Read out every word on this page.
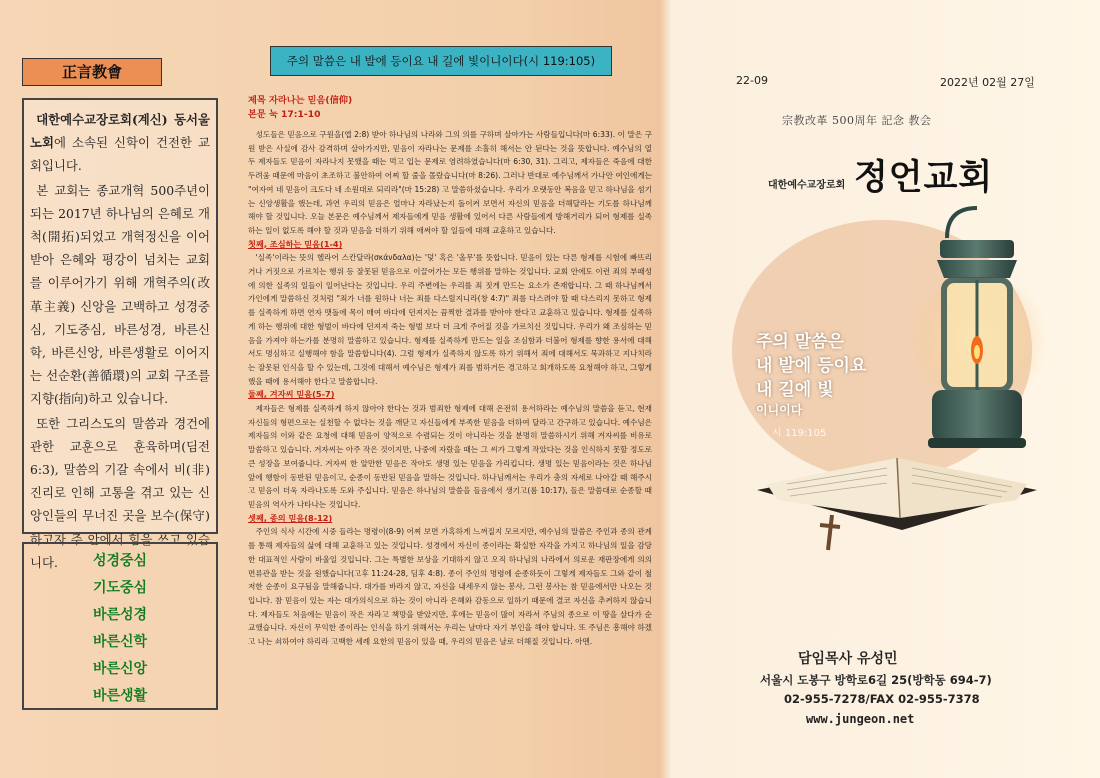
正言教會

대한예수교장로회(계신) 동서울 노회에 소속된 신학이 건전한 교회입니다.

본 교회는 종교개혁 500주년이 되는 2017년 하나님의 은혜로 개척(開拓)되었고 개혁정신을 이어받아 은혜와 평강이 넘치는 교회를 이루어가기 위해 개혁주의(改革主義) 신앙을 고백하고 성경중심, 기도중심, 바른성경, 바른신학, 바른신앙, 바른생활로 이어지는 선순환(善循環)의 교회 구조를 지향(指向)하고 있습니다.

또한 그리스도의 말씀과 경건에 관한 교훈으로 훈육하며(딤전 6:3), 말씀의 기갈 속에서 비(非) 진리로 인해 고통을 겪고 있는 신앙인들의 무너진 곳을 보수(保守)하고자 주 안에서 힘을 쓰고 있습니다.	성경중심
기도중심
바른성경
바른신학
바른신앙
바른생활
주의 말씀은 내 발에 등이요 내 길에 빛이니이다(시 119:105)
제목 자라나는 믿음(信仰)
본문 눅 17:1-10

성도들은 믿음으로 구원을(엡 2:8) 받아 하나님의 나라와 그의 의를 구하며 살아가는 사람들입니다(마 6:33). 이 말은 구원 받은 사실에 감사 감격하며 살아가지만, 믿음이 자라나는 문제를 소홀히 해서는 안 된다는 것을 뜻합니다. 예수님의 열 두 제자들도 믿음이 자라나지 못했을 때는 먹고 입는 문제로 염려하였습니다(마 6:30, 31). 그리고, 제자들은 죽음에 대한 두려움 때문에 마음이 초조하고 불안하여 어찌 할 줄을 몰랐습니다(마 8:26). 그러나 반대로 예수님께서 가나안 여인에게는 "여자여 네 믿음이 크도다 네 소원대로 되리라"(마 15:28) 고 말씀하셨습니다. 우리가 오랫동안 복음을 믿고 하나님을 섬기는 신앙생활을 했는데, 과연 우리의 믿음은 얼마나 자라났는지 돌이켜 보면서 자신의 믿음을 더해달라는 기도를 하나님께 해야 할 것입니다. 오늘 본문은 예수님께서 제자들에게 믿음 생활에 있어서 다른 사람들에게 방해거리가 되어 형제를 실족하는 일이 없도록 해야 할 것과 믿음을 더하기 위해 애써야 할 일들에 대해 교훈하고 있습니다.

첫째, 조심하는 믿음(1-4)

'실족'이라는 뜻의 헬라어 스칸달라(σκάνδαλα)는 '덫' 혹은 '올무'를 뜻합니다. 믿음이 있는 다른 형제를 시험에 빠뜨리거나 거짓으로 가르치는 행위 등 잘못된 믿음으로 이끌어가는 모든 행위를 말하는 것입니다. 교회 안에도 이런 죄의 부패성에 의한 실족의 일들이 일어난다는 것입니다. 우리 주변에는 우리를 죄 짓게 만드는 요소가 존재합니다. 그 때 하나님께서 가인에게 말씀하신 것처럼 "죄가 너를 원하나 너는 죄를 다스릴지니라(창 4:7)" 죄를 다스려야 할 때 다스리지 못하고 형제를 실족하게 하면 연자 맷돌에 목이 매여 바다에 던져지는 끔찍한 결과를 받아야 한다고 교훈하고 있습니다. 형제를 실족하게 하는 행위에 대한 형벌이 바다에 던져져 죽는 형벌 보다 더 크게 주어질 것을 가르치신 것입니다. 우리가 왜 조심하는 믿음을 가져야 하는가를 분명히 말씀하고 있습니다. 형제를 실족하게 만드는 일을 조심함과 더불어 형제를 향한 용서에 대해서도 명심하고 실행해야 함을 말씀합니다(4). 그럼 형제가 실족하지 않도록 하기 위해서 죄에 대해서도 묵과하고 지나치라는 잘못된 인식을 할 수 있는데, 그것에 대해서 예수님은 형제가 죄를 범하거든 경고하고 회개하도록 요청해야 하고, 그렇게 했을 때에 용서해야 한다고 말씀합니다.

둘째, 겨자씨 믿음(5-7)

제자들은 형제를 실족하게 하지 않아야 한다는 것과 범죄한 형제에 대해 온전히 용서하라는 예수님의 말씀을 듣고, 현재 자신들의 형편으로는 실천할 수 없다는 것을 깨닫고 자신들에게 부족한 믿음을 더하여 달라고 간구하고 있습니다. 예수님은 제자들의 이와 같은 요청에 대해 믿음이 양적으로 수렴되는 것이 아니라는 것을 분명히 말씀하시기 위해 겨자씨를 비유로 말씀하고 있습니다. 겨자씨는 아주 작은 것이지만, 나중에 자랐을 때는 그 씨가 그렇게 작았다는 것을 인식하지 못할 정도로 큰 성장을 보여줍니다. 겨자씨 한 알만한 믿음은 작아도 생명 있는 믿음을 가리킵니다. 생명 있는 믿음이라는 것은 하나님 앞에 행함이 동반된 믿음이고, 순종이 동반된 믿음을 말하는 것입니다. 하나님께서는 우리가 충의 자세로 나아갈 때 해주시고 믿음이 더욱 자라나도록 도와 주십니다. 믿음은 하나님의 말씀을 들음에서 생기고(롬 10:17), 들은 말씀대로 순종할 때 믿음의 역사가 나타나는 것입니다.

셋째, 종의 믿음(8-12)

주인의 식사 시간에 시중 들라는 명령이(8-9) 어찌 보면 가혹하게 느껴질지 모르지만, 예수님의 말씀은 주인과 종의 관계를 통해 제자들의 삶에 대해 교훈하고 있는 것입니다. 성경에서 자신이 종이라는 확실한 자각을 가지고 하나님의 일을 감당한 대표적인 사람이 바울일 것입니다. 그는 특별한 보상을 기대하지 않고 오직 하나님의 나라에서 의로운 재판장에게 의의 면류관을 받는 것을 원했습니다(고후 11:24-28, 딤후 4:8). 종이 주인의 명령에 순종하듯이 그렇게 제자들도 그와 같이 철저한 순종이 요구됨을 말해줍니다. 대가를 바라지 않고, 자신을 내세우지 않는 봉사, 그런 봉사는 참 믿음에서만 나오는 것입니다. 참 믿음이 있는 자는 대가의식으로 하는 것이 아니라 은혜와 감동으로 일하기 때문에 결코 자신을 추켜하지 않습니다. 제자들도 처음에는 믿음이 작은 자라고 책망을 받았지만, 후에는 믿음이 많이 자라서 주님의 종으로 이 땅을 살다가 순교했습니다. 자신이 무익한 종이라는 인식을 하기 위해서는 우리는 날마다 자기 부인을 해야 합니다. 또 주님은 흥해야 하겠고 나는 쇠하여야 하리라 고백한 세례 요한의 믿음이 있을 때, 우리의 믿음은 날로 더해질 것입니다. 아멘.

22-09	2022년 02월 27일
宗教改革 500周年 記念 教会
대한예수교장로회 정언교회
주의 말씀은
내 발에 등이요
내 길에 빛
이니이다
시 119:105
담임목사 유성민
서울시 도봉구 방학로6길 25(방학동 694-7)
02-955-7278/FAX 02-955-7378
www.jungeon.net
